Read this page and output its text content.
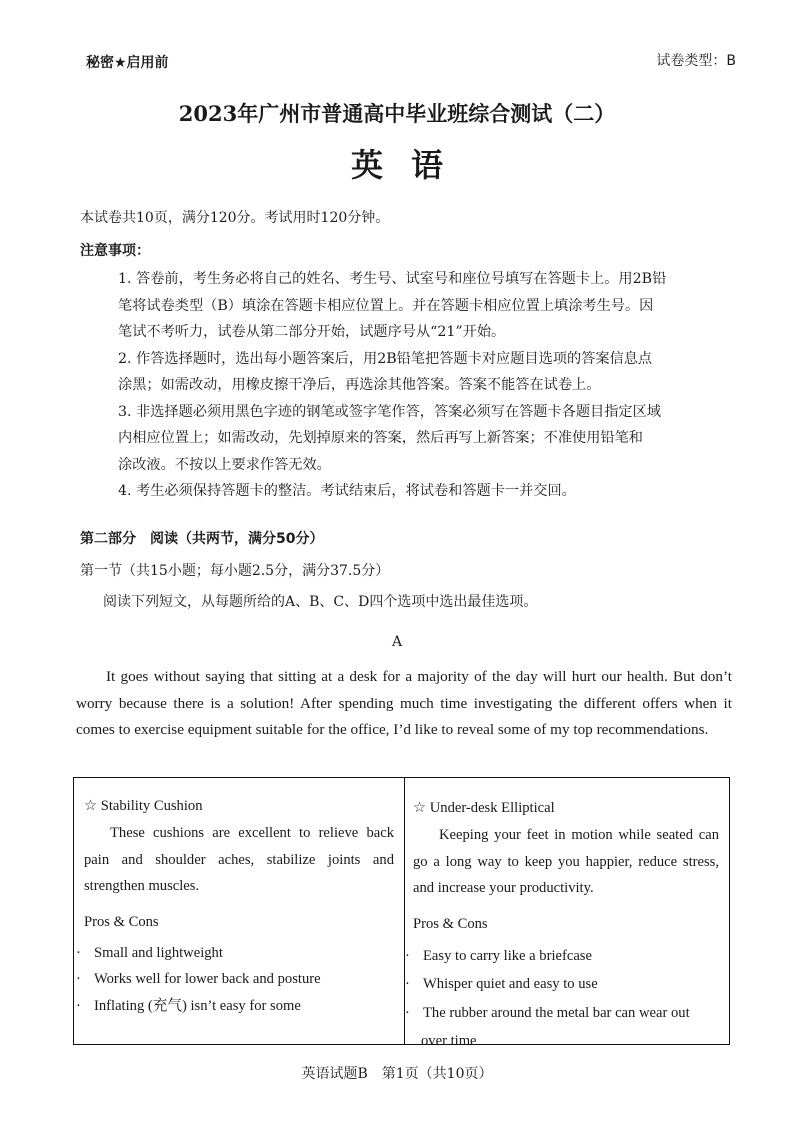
秘密★启用前	试卷类型：B
2023年广州市普通高中毕业班综合测试（二）
英语
本试卷共10页，满分120分。考试用时120分钟。
注意事项：
1. 答卷前，考生务必将自己的姓名、考生号、试室号和座位号填写在答题卡上。用2B铅
笔将试卷类型（B）填涂在答题卡相应位置上。并在答题卡相应位置上填涂考生号。因
笔试不考听力，试卷从第二部分开始，试题序号从“21”开始。
2. 作答选择题时，选出每小题答案后，用2B铅笔把答题卡对应题目选项的答案信息点
涂黑；如需改动，用橡皮擦干净后，再选涂其他答案。答案不能答在试卷上。
3. 非选择题必须用黑色字迹的钢笔或签字笔作答，答案必须写在答题卡各题目指定区域
内相应位置上；如需改动，先划掉原来的答案，然后再写上新答案；不准使用铅笔和
涂改液。不按以上要求作答无效。
4. 考生必须保持答题卡的整洁。考试结束后，将试卷和答题卡一并交回。
第二部分　阅读（共两节，满分50分）
第一节（共15小题；每小题2.5分，满分37.5分）
阅读下列短文，从每题所给的A、B、C、D四个选项中选出最佳选项。
A

It goes without saying that sitting at a desk for a majority of the day will hurt our health. But don’t worry because there is a solution! After spending much time investigating the different offers when it comes to exercise equipment suitable for the office, I’d like to reveal some of my top recommendations.

☆ Stability Cushion
These cushions are excellent to relieve back pain and shoulder aches, stabilize joints and strengthen muscles.
Pros & Cons
· Small and lightweight
· Works well for lower back and posture
· Inflating (充气) isn’t easy for some
☆ Under-desk Elliptical
Keeping your feet in motion while seated can go a long way to keep you happier, reduce stress, and increase your productivity.
Pros & Cons
· Easy to carry like a briefcase
· Whisper quiet and easy to use
· The rubber around the metal bar can wear out over time
英语试题B　第1页（共10页）
